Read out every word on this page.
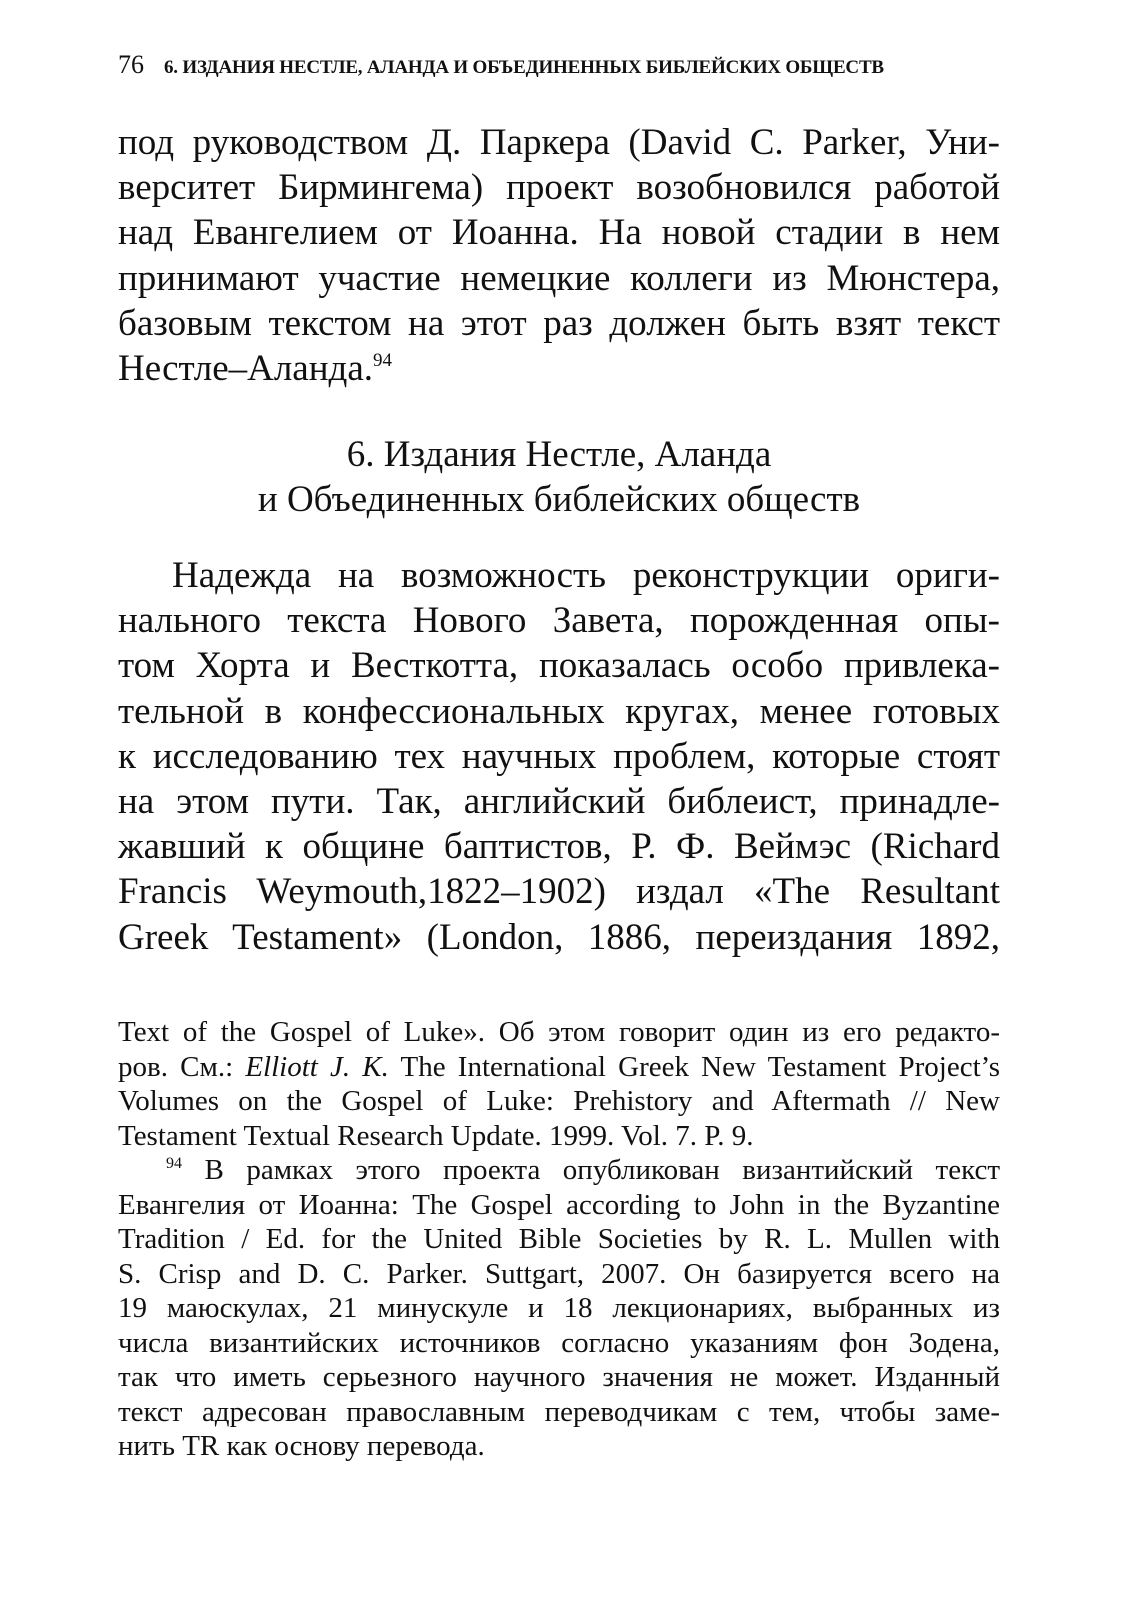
76 6. ИЗДАНИЯ НЕСТЛЕ, АЛАНДА И ОБЪЕДИНЕННЫХ БИБЛЕЙСКИХ ОБЩЕСТВ
под руководством Д. Паркера (David C. Parker, Уни-
верситет Бирмингема) проект возобновился работой
над Евангелием от Иоанна. На новой стадии в нем
принимают участие немецкие коллеги из Мюнстера,
базовым текстом на этот раз должен быть взят текст
Нестле–Аланда.$^{94}$
6. Издания Нестле, Аланда
и Объединенных библейских обществ
Надежда на возможность реконструкции ориги-
нального текста Нового Завета, порожденная опы-
том Хорта и Весткотта, показалась особо привлека-
тельной в конфессиональных кругах, менее готовых
к исследованию тех научных проблем, которые стоят
на этом пути. Так, английский библеист, принадле-
жавший к общине баптистов, Р. Ф. Веймэс (Richard
Francis Weymouth,1822–1902) издал «The Resultant
Greek Testament» (London, 1886, переиздания 1892,
Text of the Gospel of Luke». Об этом говорит один из его редакто-
ров. См.: Elliott J. K. The International Greek New Testament Project’s
Volumes on the Gospel of Luke: Prehistory and Aftermath // New
Testament Textual Research Update. 1999. Vol. 7. P. 9.
$^{94}$ В рамках этого проекта опубликован византийский текст
Евангелия от Иоанна: The Gospel according to John in the Byzantine
Tradition / Ed. for the United Bible Societies by R. L. Mullen with
S. Crisp and D. C. Parker. Suttgart, 2007. Он базируется всего на
19 маюскулах, 21 минускуле и 18 лекционариях, выбранных из
числа византийских источников согласно указаниям фон Зодена,
так что иметь серьезного научного значения не может. Изданный
текст адресован православным переводчикам с тем, чтобы заме-
нить TR как основу перевода.
